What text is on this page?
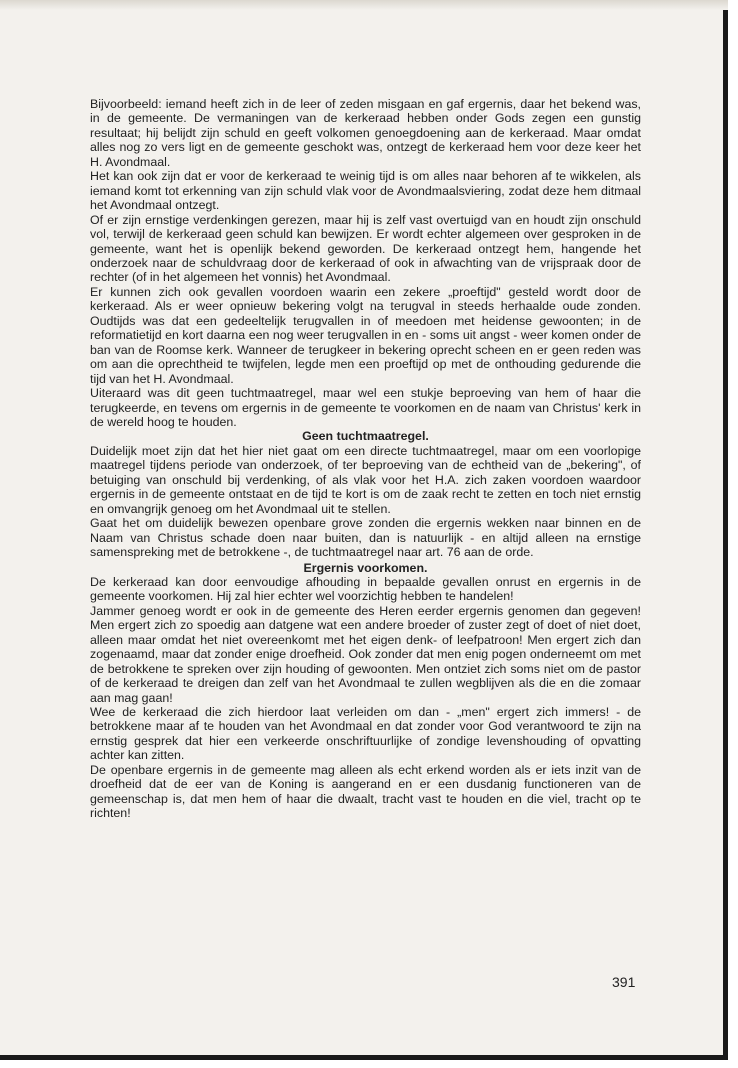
Bijvoorbeeld: iemand heeft zich in de leer of zeden misgaan en gaf ergernis, daar het bekend was, in de gemeente. De vermaningen van de kerkeraad hebben onder Gods zegen een gunstig resultaat; hij belijdt zijn schuld en geeft volkomen genoegdoening aan de kerkeraad. Maar omdat alles nog zo vers ligt en de gemeente geschokt was, ontzegt de kerkeraad hem voor deze keer het H. Avondmaal.

Het kan ook zijn dat er voor de kerkeraad te weinig tijd is om alles naar behoren af te wikkelen, als iemand komt tot erkenning van zijn schuld vlak voor de Avondmaalsviering, zodat deze hem ditmaal het Avondmaal ontzegt.

Of er zijn ernstige verdenkingen gerezen, maar hij is zelf vast overtuigd van en houdt zijn onschuld vol, terwijl de kerkeraad geen schuld kan bewijzen. Er wordt echter algemeen over gesproken in de gemeente, want het is openlijk bekend geworden. De kerkeraad ontzegt hem, hangende het onderzoek naar de schuldvraag door de kerkeraad of ook in afwachting van de vrijspraak door de rechter (of in het algemeen het vonnis) het Avondmaal.

Er kunnen zich ook gevallen voordoen waarin een zekere „proeftijd" gesteld wordt door de kerkeraad. Als er weer opnieuw bekering volgt na terugval in steeds herhaalde oude zonden. Oudtijds was dat een gedeeltelijk terugvallen in of meedoen met heidense gewoonten; in de reformatietijd en kort daarna een nog weer terugvallen in en - soms uit angst - weer komen onder de ban van de Roomse kerk. Wanneer de terugkeer in bekering oprecht scheen en er geen reden was om aan die oprechtheid te twijfelen, legde men een proeftijd op met de onthouding gedurende die tijd van het H. Avondmaal.

Uiteraard was dit geen tuchtmaatregel, maar wel een stukje beproeving van hem of haar die terugkeerde, en tevens om ergernis in de gemeente te voorkomen en de naam van Christus' kerk in de wereld hoog te houden.

Geen tuchtmaatregel.

Duidelijk moet zijn dat het hier niet gaat om een directe tuchtmaatregel, maar om een voorlopige maatregel tijdens periode van onderzoek, of ter beproeving van de echtheid van de „bekering", of betuiging van onschuld bij verdenking, of als vlak voor het H.A. zich zaken voordoen waardoor ergernis in de gemeente ontstaat en de tijd te kort is om de zaak recht te zetten en toch niet ernstig en omvangrijk genoeg om het Avondmaal uit te stellen.

Gaat het om duidelijk bewezen openbare grove zonden die ergernis wekken naar binnen en de Naam van Christus schade doen naar buiten, dan is natuurlijk - en altijd alleen na ernstige samenspreking met de betrokkene -, de tuchtmaatregel naar art. 76 aan de orde.

Ergernis voorkomen.

De kerkeraad kan door eenvoudige afhouding in bepaalde gevallen onrust en ergernis in de gemeente voorkomen. Hij zal hier echter wel voorzichtig hebben te handelen!

Jammer genoeg wordt er ook in de gemeente des Heren eerder ergernis genomen dan gegeven! Men ergert zich zo spoedig aan datgene wat een andere broeder of zuster zegt of doet of niet doet, alleen maar omdat het niet overeenkomt met het eigen denk- of leefpatroon! Men ergert zich dan zogenaamd, maar dat zonder enige droefheid. Ook zonder dat men enig pogen onderneemt om met de betrokkene te spreken over zijn houding of gewoonten. Men ontziet zich soms niet om de pastor of de kerkeraad te dreigen dan zelf van het Avondmaal te zullen wegblijven als die en die zomaar aan mag gaan!

Wee de kerkeraad die zich hierdoor laat verleiden om dan - „men" ergert zich immers! - de betrokkene maar af te houden van het Avondmaal en dat zonder voor God verantwoord te zijn na ernstig gesprek dat hier een verkeerde onschriftuurlijke of zondige levenshouding of opvatting achter kan zitten.

De openbare ergernis in de gemeente mag alleen als echt erkend worden als er iets inzit van de droefheid dat de eer van de Koning is aangerand en er een dusdanig functioneren van de gemeenschap is, dat men hem of haar die dwaalt, tracht vast te houden en die viel, tracht op te richten!

391
